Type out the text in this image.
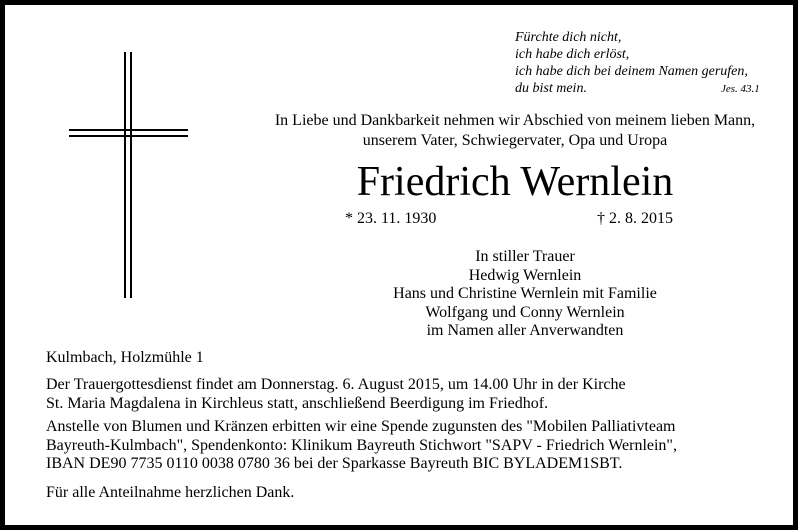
Fürchte dich nicht,
ich habe dich erlöst,
ich habe dich bei deinem Namen gerufen,
du bist mein.	Jes. 43.1
In Liebe und Dankbarkeit nehmen wir Abschied von meinem lieben Mann,
unserem Vater, Schwiegervater, Opa und Uropa
Friedrich Wernlein
* 23. 11. 1930	† 2. 8. 2015
In stiller Trauer
Hedwig Wernlein
Hans und Christine Wernlein mit Familie
Wolfgang und Conny Wernlein
im Namen aller Anverwandten
Kulmbach, Holzmühle 1
Der Trauergottesdienst findet am Donnerstag. 6. August 2015, um 14.00 Uhr in der Kirche
St. Maria Magdalena in Kirchleus statt, anschließend Beerdigung im Friedhof.
Anstelle von Blumen und Kränzen erbitten wir eine Spende zugunsten des "Mobilen Palliativteam
Bayreuth-Kulmbach", Spendenkonto: Klinikum Bayreuth Stichwort "SAPV - Friedrich Wernlein",
IBAN DE90 7735 0110 0038 0780 36 bei der Sparkasse Bayreuth BIC BYLADEM1SBT.
Für alle Anteilnahme herzlichen Dank.
